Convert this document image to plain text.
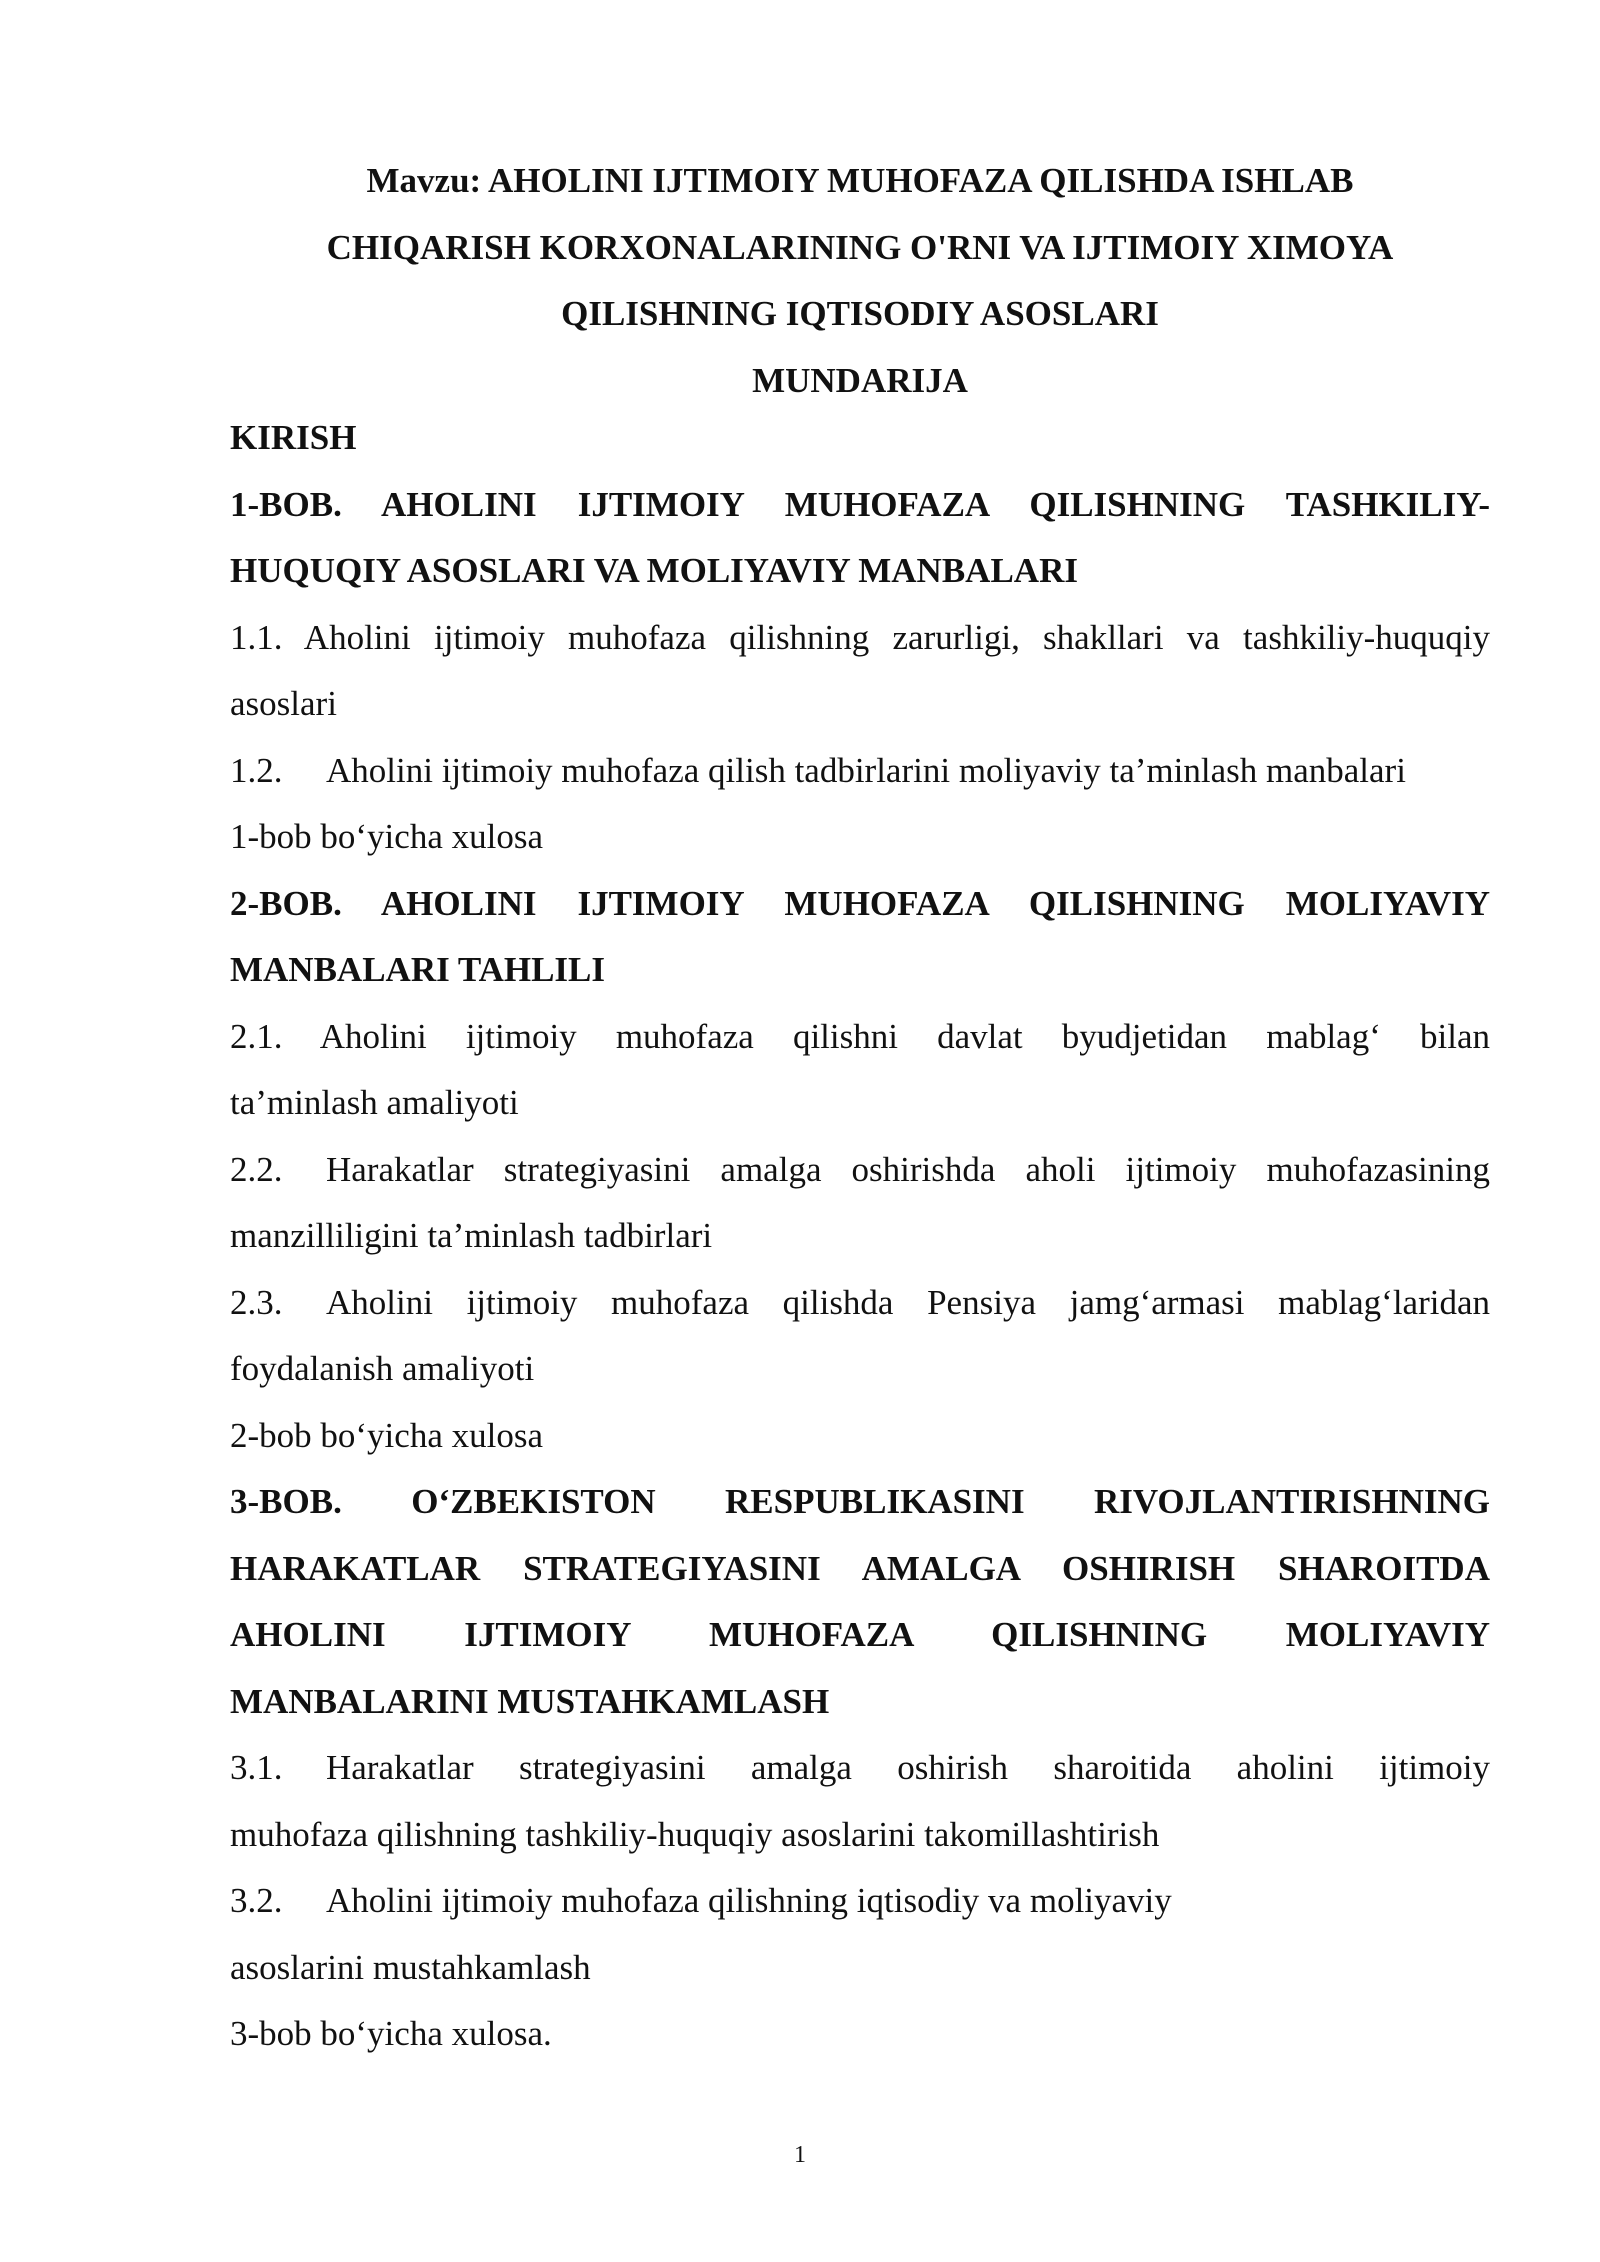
Mavzu: AHOLINI IJTIMOIY MUHOFAZA QILISHDA ISHLAB
CHIQARISH KORXONALARINING O'RNI VA IJTIMOIY XIMOYA
QILISHNING IQTISODIY ASOSLARI
MUNDARIJA
KIRISH
1-BOB. AHOLINI IJTIMOIY MUHOFAZA QILISHNING TASHKILIY-
HUQUQIY ASOSLARI VA MOLIYAVIY MANBALARI
1.1. Aholini ijtimoiy muhofaza qilishning zarurligi, shakllari va tashkiliy-huquqiy
asoslari
1.2. Aholini ijtimoiy muhofaza qilish tadbirlarini moliyaviy ta’minlash manbalari
1-bob bo‘yicha xulosa
2-BOB. AHOLINI IJTIMOIY MUHOFAZA QILISHNING MOLIYAVIY
MANBALARI TAHLILI
2.1. Aholini ijtimoiy muhofaza qilishni davlat byudjetidan mablag‘ bilan
ta’minlash amaliyoti
2.2.	Harakatlar strategiyasini amalga oshirishda aholi ijtimoiy muhofazasining
manzilliligini ta’minlash tadbirlari
2.3.	Aholini ijtimoiy muhofaza qilishda Pensiya jamg‘armasi mablag‘laridan
foydalanish amaliyoti
2-bob bo‘yicha xulosa
3-BOB. O‘ZBEKISTON RESPUBLIKASINI RIVOJLANTIRISHNING
HARAKATLAR STRATEGIYASINI AMALGA OSHIRISH SHAROITDA
AHOLINI IJTIMOIY MUHOFAZA QILISHNING MOLIYAVIY
MANBALARINI MUSTAHKAMLASH
3.1.	Harakatlar strategiyasini amalga oshirish sharoitida aholini ijtimoiy
muhofaza qilishning tashkiliy-huquqiy asoslarini takomillashtirish
3.2. Aholini ijtimoiy muhofaza qilishning iqtisodiy va moliyaviy
asoslarini mustahkamlash
3-bob bo‘yicha xulosa.
1
